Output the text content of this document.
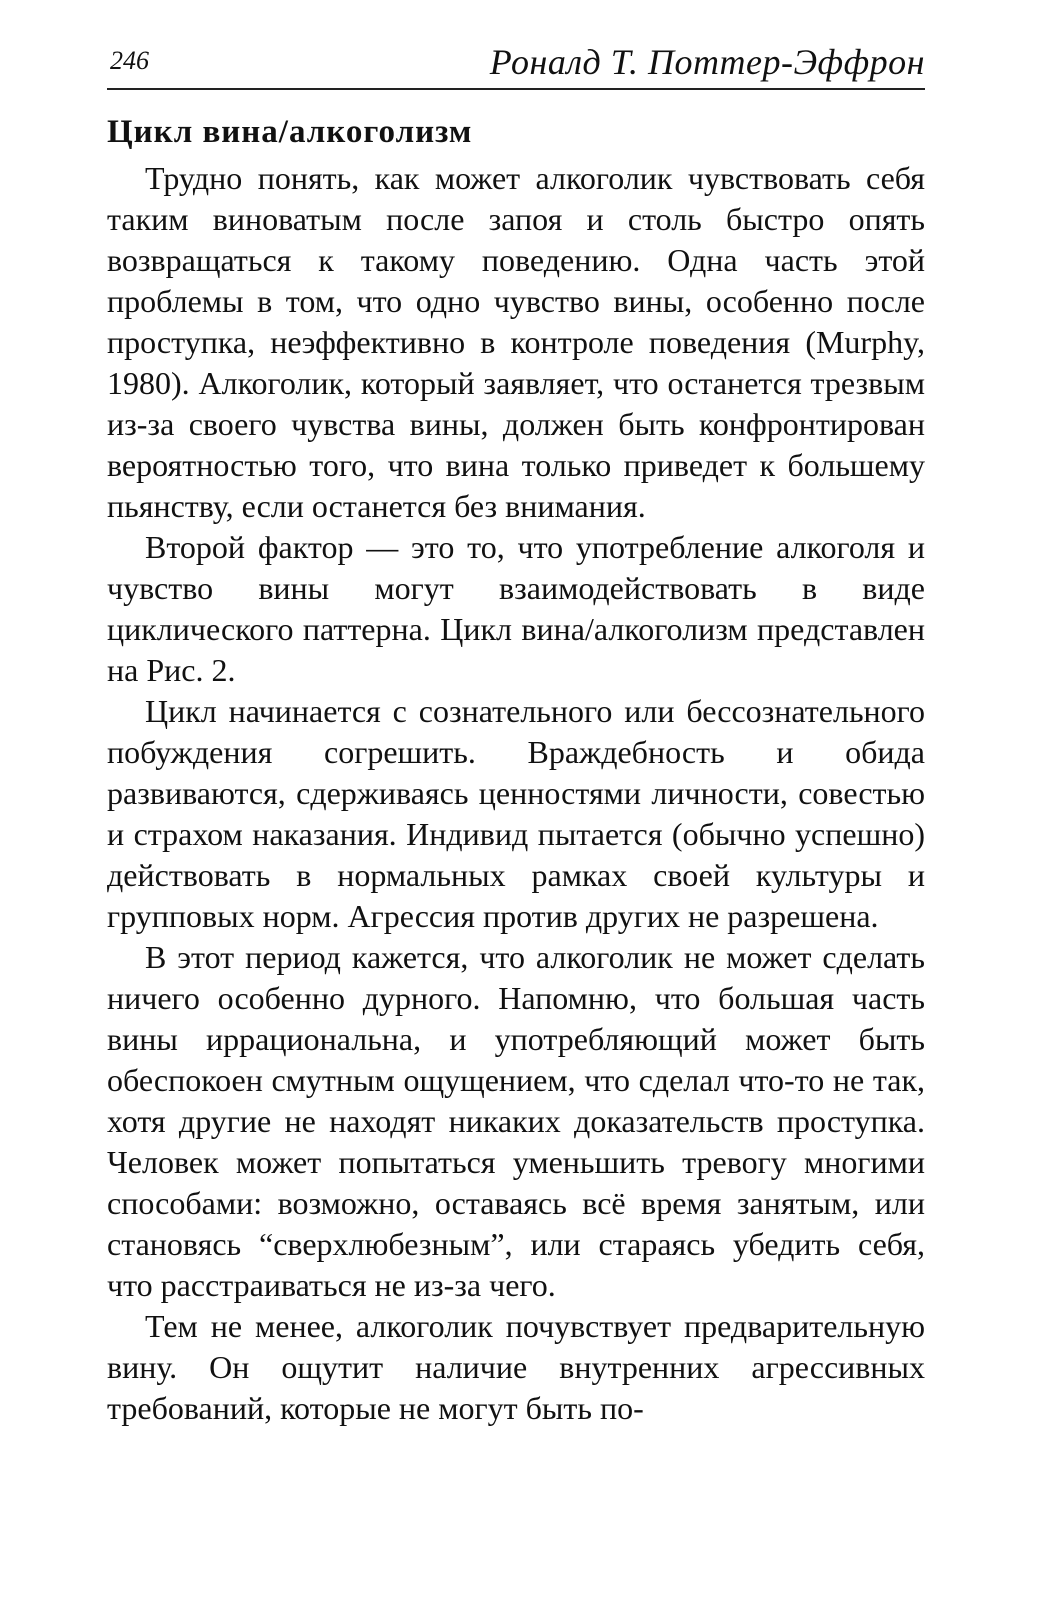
246	Роналд Т. Поттер-Эффрон
Цикл вина/алкоголизм

Трудно понять, как может алкоголик чувствовать себя таким виноватым после запоя и столь быстро опять возвращаться к такому поведению. Одна часть этой проблемы в том, что одно чувство вины, особенно после проступка, неэффективно в контроле поведения (Murphy, 1980). Алкоголик, который заявляет, что останется трезвым из-за своего чувства вины, должен быть конфронтирован вероятностью того, что вина только приведет к большему пьянству, если останется без внимания.

Второй фактор — это то, что употребление алкоголя и чувство вины могут взаимодействовать в виде циклического паттерна. Цикл вина/алкоголизм представлен на Рис. 2.

Цикл начинается с сознательного или бессознательного побуждения согрешить. Враждебность и обида развиваются, сдерживаясь ценностями личности, совестью и страхом наказания. Индивид пытается (обычно успешно) действовать в нормальных рамках своей культуры и групповых норм. Агрессия против других не разрешена.

В этот период кажется, что алкоголик не может сделать ничего особенно дурного. Напомню, что большая часть вины иррациональна, и употребляющий может быть обеспокоен смутным ощущением, что сделал что-то не так, хотя другие не находят никаких доказательств проступка. Человек может попытаться уменьшить тревогу многими способами: возможно, оставаясь всё время занятым, или становясь “сверхлюбезным”, или стараясь убедить себя, что расстраиваться не из-за чего.

Тем не менее, алкоголик почувствует предварительную вину. Он ощутит наличие внутренних агрессивных требований, которые не могут быть по-
